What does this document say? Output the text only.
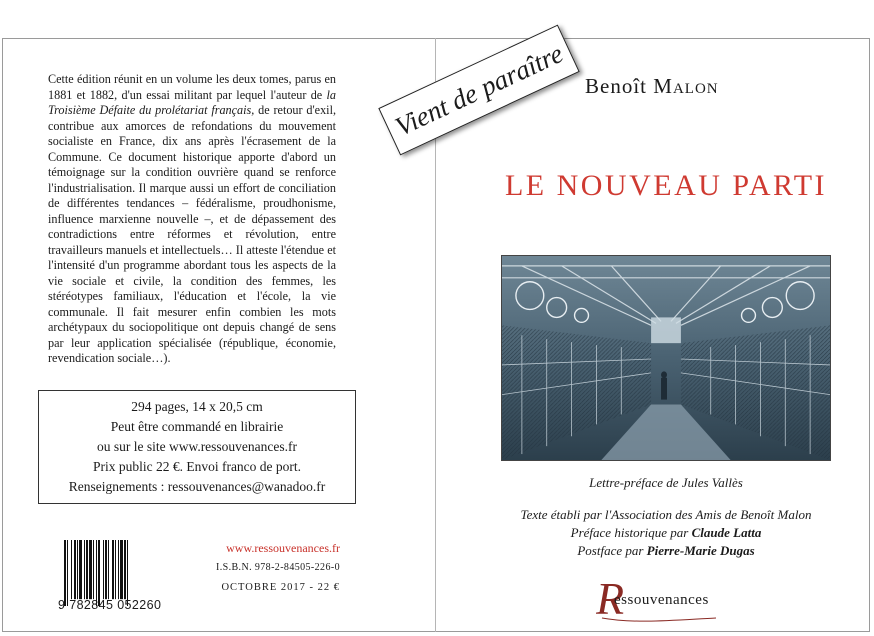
Cette édition réunit en un volume les deux tomes, parus en 1881 et 1882, d'un essai militant par lequel l'auteur de la Troisième Défaite du prolétariat français, de retour d'exil, contribue aux amorces de refondations du mouvement socialiste en France, dix ans après l'écrasement de la Commune. Ce document historique apporte d'abord un témoignage sur la condition ouvrière quand se renforce l'industrialisation. Il marque aussi un effort de conciliation de différentes tendances – fédéralisme, proudhonisme, influence marxienne nouvelle –, et de dépassement des contradictions entre réformes et révolution, entre travailleurs manuels et intellectuels… Il atteste l'étendue et l'intensité d'un programme abordant tous les aspects de la vie sociale et civile, la condition des femmes, les stéréotypes familiaux, l'éducation et l'école, la vie communale. Il fait mesurer enfin combien les mots archétypaux du sociopolitique ont depuis changé de sens par leur application spécialisée (république, économie, revendication sociale…).

294 pages, 14 x 20,5 cm
Peut être commandé en librairie
ou sur le site www.ressouvenances.fr
Prix public 22 €. Envoi franco de port.
Renseignements : ressouvenances@wanadoo.fr
9 782845 052260
www.ressouvenances.fr
I.S.B.N. 978-2-84505-226-0
OCTOBRE 2017 - 22 €
Vient de paraître Benoît MALON
LE NOUVEAU PARTI
Lettre-préface de Jules Vallès
Texte établi par l'Association des Amis de Benoît Malon
Préface historique par Claude Latta
Postface par Pierre-Marie Dugas
R
essouvenances
